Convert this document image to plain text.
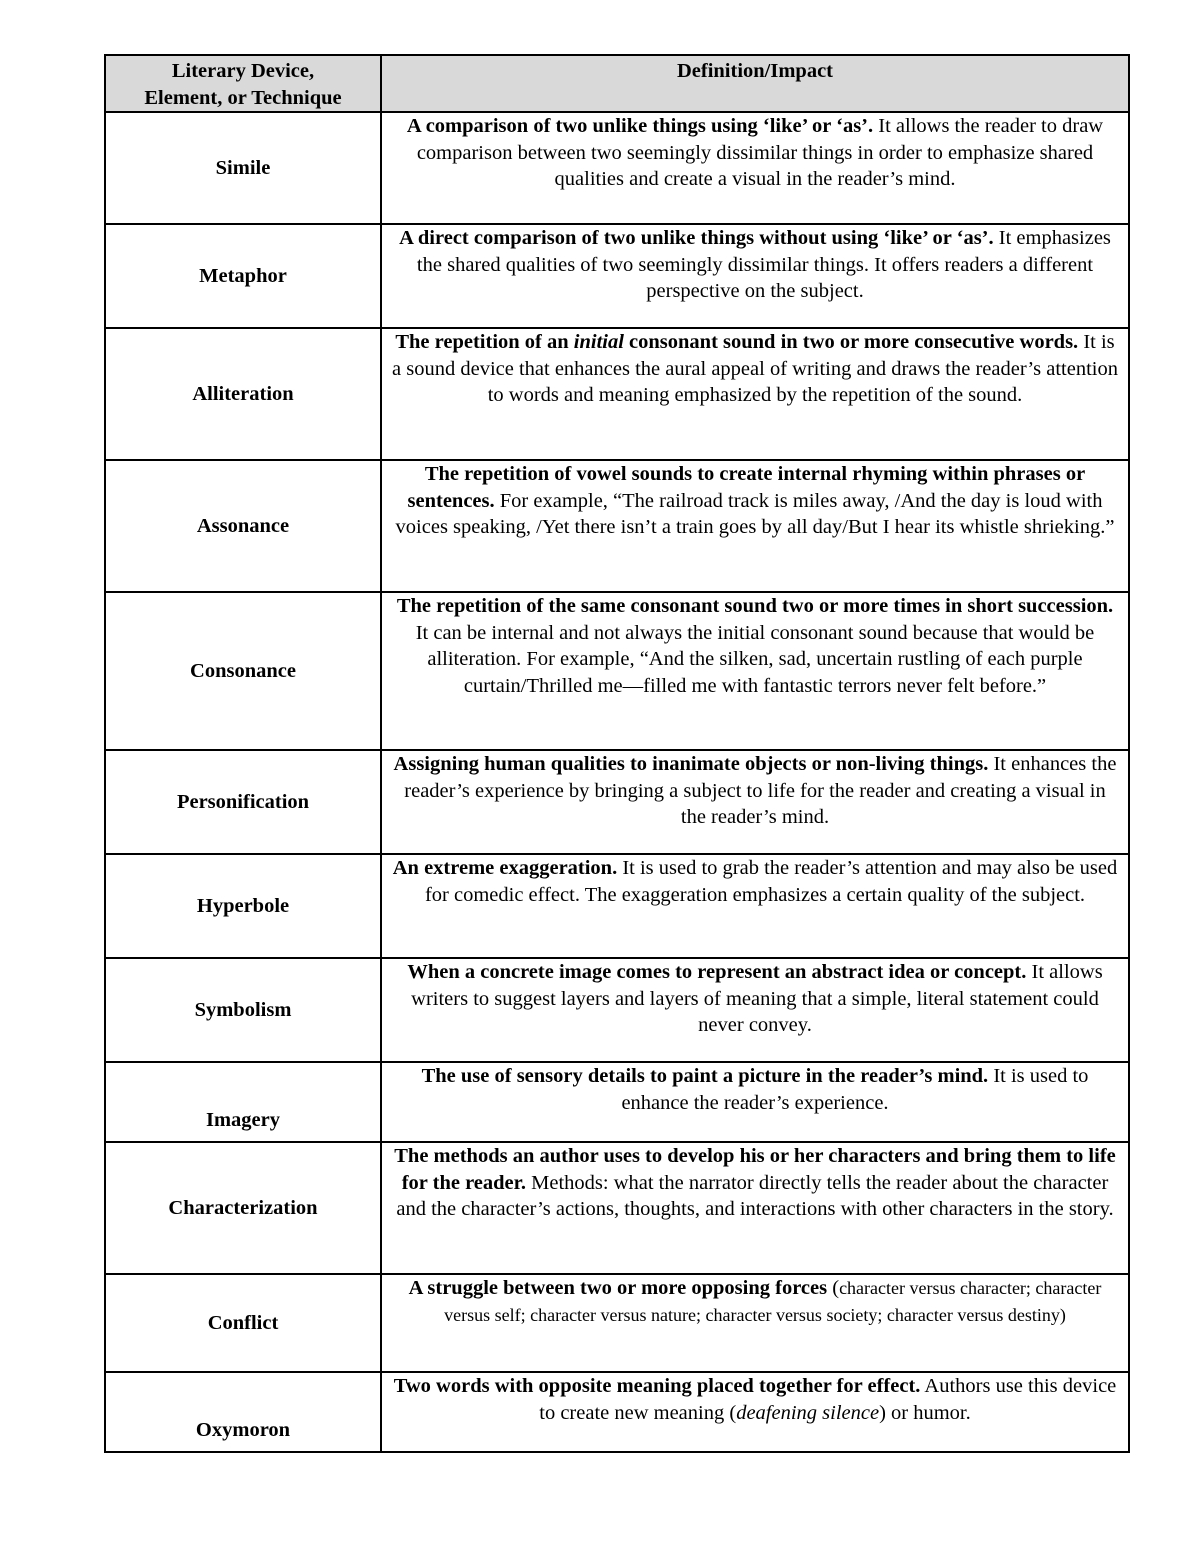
Literary Device,
Element, or Technique	Definition/Impact
Simile	A comparison of two unlike things using ‘like’ or ‘as’. It allows the reader to draw comparison between two seemingly dissimilar things in order to emphasize shared qualities and create a visual in the reader’s mind.
Metaphor	A direct comparison of two unlike things without using ‘like’ or ‘as’. It emphasizes the shared qualities of two seemingly dissimilar things. It offers readers a different perspective on the subject.
Alliteration	The repetition of an initial consonant sound in two or more consecutive words. It is a sound device that enhances the aural appeal of writing and draws the reader’s attention to words and meaning emphasized by the repetition of the sound.
Assonance	The repetition of vowel sounds to create internal rhyming within phrases or sentences. For example, “The railroad track is miles away, /And the day is loud with voices speaking, /Yet there isn’t a train goes by all day/But I hear its whistle shrieking.”
Consonance	The repetition of the same consonant sound two or more times in short succession. It can be internal and not always the initial consonant sound because that would be alliteration. For example, “And the silken, sad, uncertain rustling of each purple curtain/Thrilled me—filled me with fantastic terrors never felt before.”
Personification	Assigning human qualities to inanimate objects or non-living things. It enhances the reader’s experience by bringing a subject to life for the reader and creating a visual in the reader’s mind.
Hyperbole	An extreme exaggeration. It is used to grab the reader’s attention and may also be used for comedic effect. The exaggeration emphasizes a certain quality of the subject.
Symbolism	When a concrete image comes to represent an abstract idea or concept. It allows writers to suggest layers and layers of meaning that a simple, literal statement could never convey.
Imagery	The use of sensory details to paint a picture in the reader’s mind. It is used to enhance the reader’s experience.
Characterization	The methods an author uses to develop his or her characters and bring them to life for the reader. Methods: what the narrator directly tells the reader about the character and the character’s actions, thoughts, and interactions with other characters in the story.
Conflict	A struggle between two or more opposing forces (character versus character; character versus self; character versus nature; character versus society; character versus destiny)
Oxymoron	Two words with opposite meaning placed together for effect. Authors use this device to create new meaning (deafening silence) or humor.
